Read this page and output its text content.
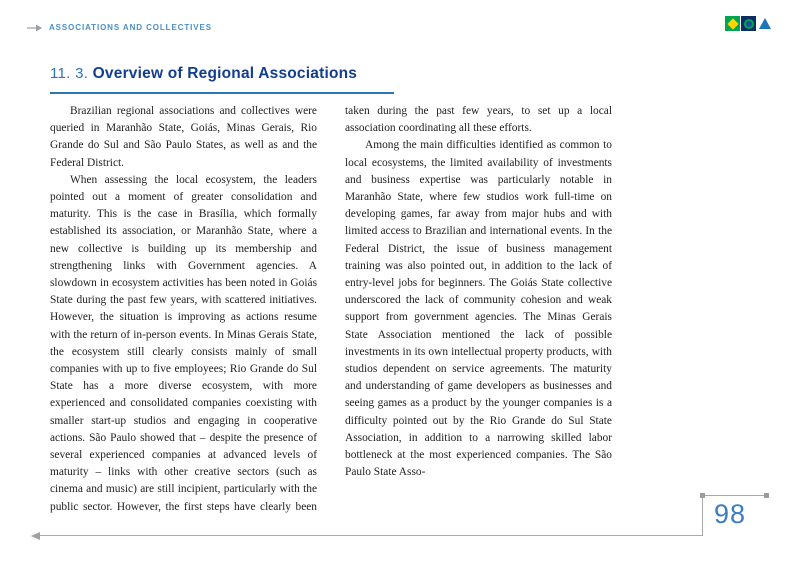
ASSOCIATIONS AND COLLECTIVES
11. 3. Overview of Regional Associations

Brazilian regional associations and collectives were queried in Maranhão State, Goiás, Minas Gerais, Rio Grande do Sul and São Paulo States, as well as and the Federal District.

When assessing the local ecosystem, the leaders pointed out a moment of greater consolidation and maturity. This is the case in Brasília, which formally established its association, or Maranhão State, where a new collective is building up its membership and strengthening links with Government agencies. A slowdown in ecosystem activities has been noted in Goiás State during the past few years, with scattered initiatives. However, the situation is improving as actions resume with the return of in-person events. In Minas Gerais State, the ecosystem still clearly consists mainly of small companies with up to five employees; Rio Grande do Sul State has a more diverse ecosystem, with more experienced and consolidated companies coexisting with smaller start-up studios and engaging in cooperative actions. São Paulo showed that – despite the presence of several experienced companies at advanced levels of maturity – links with other creative sectors (such as cinema and music) are still incipient, particularly with the public sector. However, the first steps have clearly been taken during the past few years, to set up a local association coordinating all these efforts.

Among the main difficulties identified as common to local ecosystems, the limited availability of investments and business expertise was particularly notable in Maranhão State, where few studios work full-time on developing games, far away from major hubs and with limited access to Brazilian and international events. In the Federal District, the issue of business management training was also pointed out, in addition to the lack of entry-level jobs for beginners. The Goiás State collective underscored the lack of community cohesion and weak support from government agencies. The Minas Gerais State Association mentioned the lack of possible investments in its own intellectual property products, with studios dependent on service agreements. The maturity and understanding of game developers as businesses and seeing games as a product by the younger companies is a difficulty pointed out by the Rio Grande do Sul State Association, in addition to a narrowing skilled labor bottleneck at the most experienced companies. The São Paulo State Asso-

98
